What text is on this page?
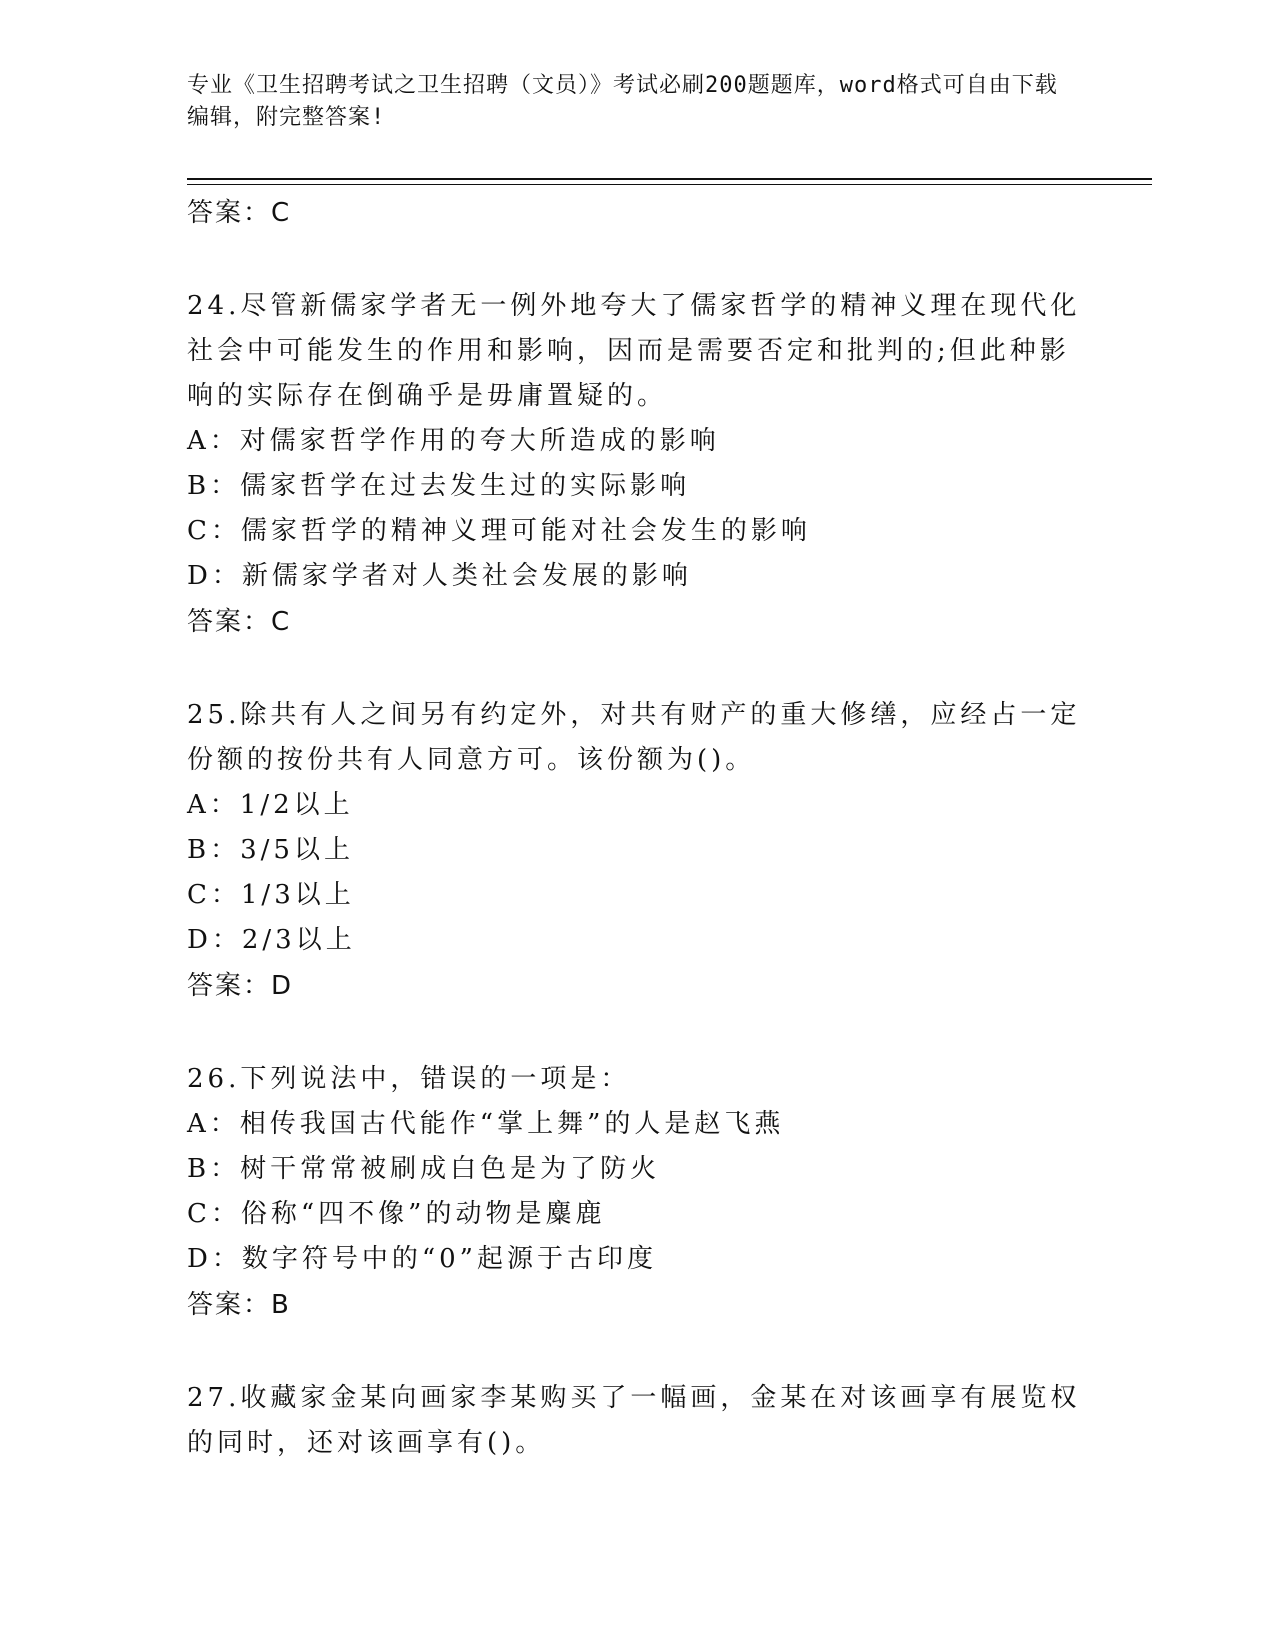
专业《卫生招聘考试之卫生招聘（文员）》考试必刷200题题库，word格式可自由下载编辑，附完整答案!
答案：C
24.尽管新儒家学者无一例外地夸大了儒家哲学的精神义理在现代化社会中可能发生的作用和影响，因而是需要否定和批判的;但此种影响的实际存在倒确乎是毋庸置疑的。
A：对儒家哲学作用的夸大所造成的影响
B：儒家哲学在过去发生过的实际影响
C：儒家哲学的精神义理可能对社会发生的影响
D：新儒家学者对人类社会发展的影响
答案：C
25.除共有人之间另有约定外，对共有财产的重大修缮，应经占一定份额的按份共有人同意方可。该份额为()。
A：1/2以上
B：3/5以上
C：1/3以上
D：2/3以上
答案：D
26.下列说法中，错误的一项是：
A：相传我国古代能作“掌上舞”的人是赵飞燕
B：树干常常被刷成白色是为了防火
C：俗称“四不像”的动物是麋鹿
D：数字符号中的“0”起源于古印度
答案：B
27.收藏家金某向画家李某购买了一幅画，金某在对该画享有展览权的同时，还对该画享有()。
